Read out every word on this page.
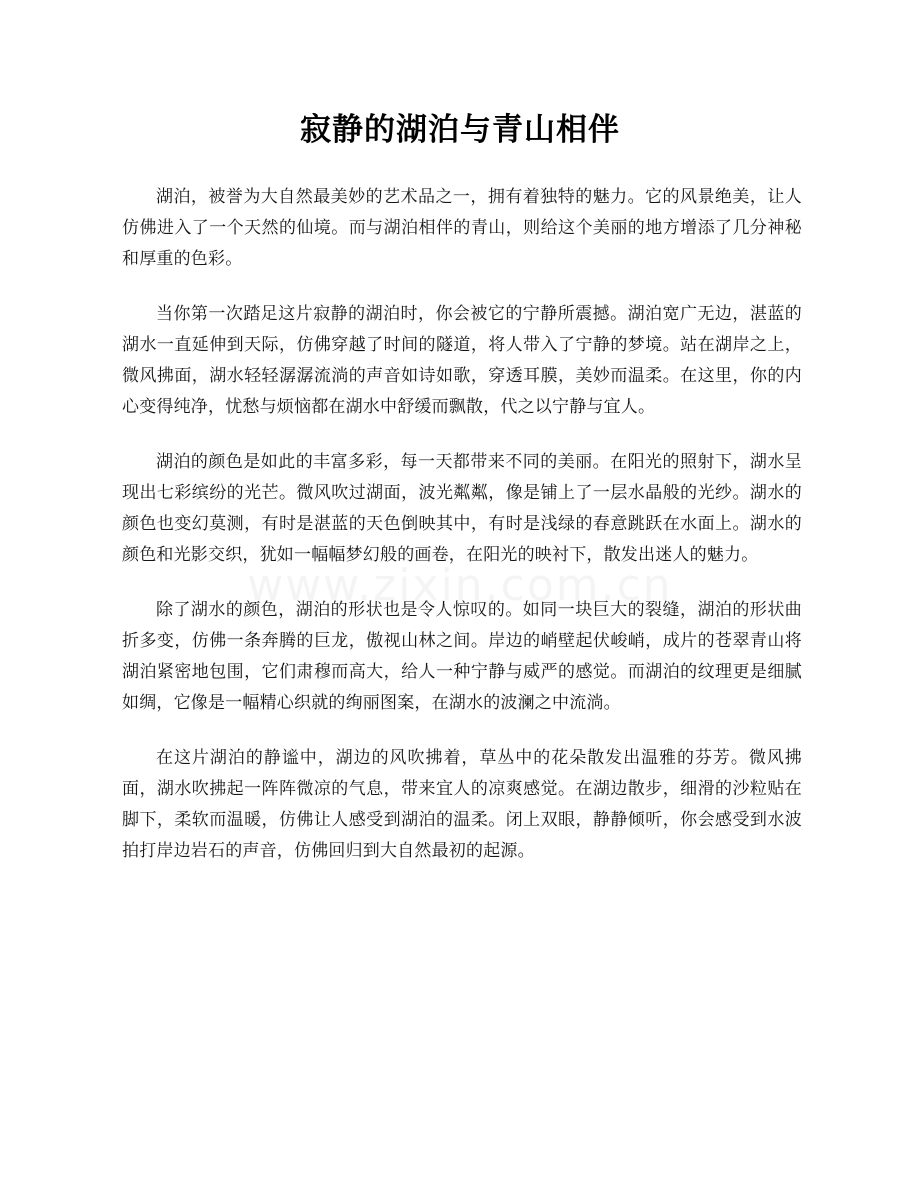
寂静的湖泊与青山相伴

湖泊，被誉为大自然最美妙的艺术品之一，拥有着独特的魅力。它的风景绝美，让人仿佛进入了一个天然的仙境。而与湖泊相伴的青山，则给这个美丽的地方增添了几分神秘和厚重的色彩。

当你第一次踏足这片寂静的湖泊时，你会被它的宁静所震撼。湖泊宽广无边，湛蓝的湖水一直延伸到天际，仿佛穿越了时间的隧道，将人带入了宁静的梦境。站在湖岸之上，微风拂面，湖水轻轻潺潺流淌的声音如诗如歌，穿透耳膜，美妙而温柔。在这里，你的内心变得纯净，忧愁与烦恼都在湖水中舒缓而飘散，代之以宁静与宜人。

湖泊的颜色是如此的丰富多彩，每一天都带来不同的美丽。在阳光的照射下，湖水呈现出七彩缤纷的光芒。微风吹过湖面，波光粼粼，像是铺上了一层水晶般的光纱。湖水的颜色也变幻莫测，有时是湛蓝的天色倒映其中，有时是浅绿的春意跳跃在水面上。湖水的颜色和光影交织，犹如一幅幅梦幻般的画卷，在阳光的映衬下，散发出迷人的魅力。

除了湖水的颜色，湖泊的形状也是令人惊叹的。如同一块巨大的裂缝，湖泊的形状曲折多变，仿佛一条奔腾的巨龙，傲视山林之间。岸边的峭壁起伏峻峭，成片的苍翠青山将湖泊紧密地包围，它们肃穆而高大，给人一种宁静与威严的感觉。而湖泊的纹理更是细腻如绸，它像是一幅精心织就的绚丽图案，在湖水的波澜之中流淌。

在这片湖泊的静谧中，湖边的风吹拂着，草丛中的花朵散发出温雅的芬芳。微风拂面，湖水吹拂起一阵阵微凉的气息，带来宜人的凉爽感觉。在湖边散步，细滑的沙粒贴在脚下，柔软而温暖，仿佛让人感受到湖泊的温柔。闭上双眼，静静倾听，你会感受到水波拍打岸边岩石的声音，仿佛回归到大自然最初的起源。
